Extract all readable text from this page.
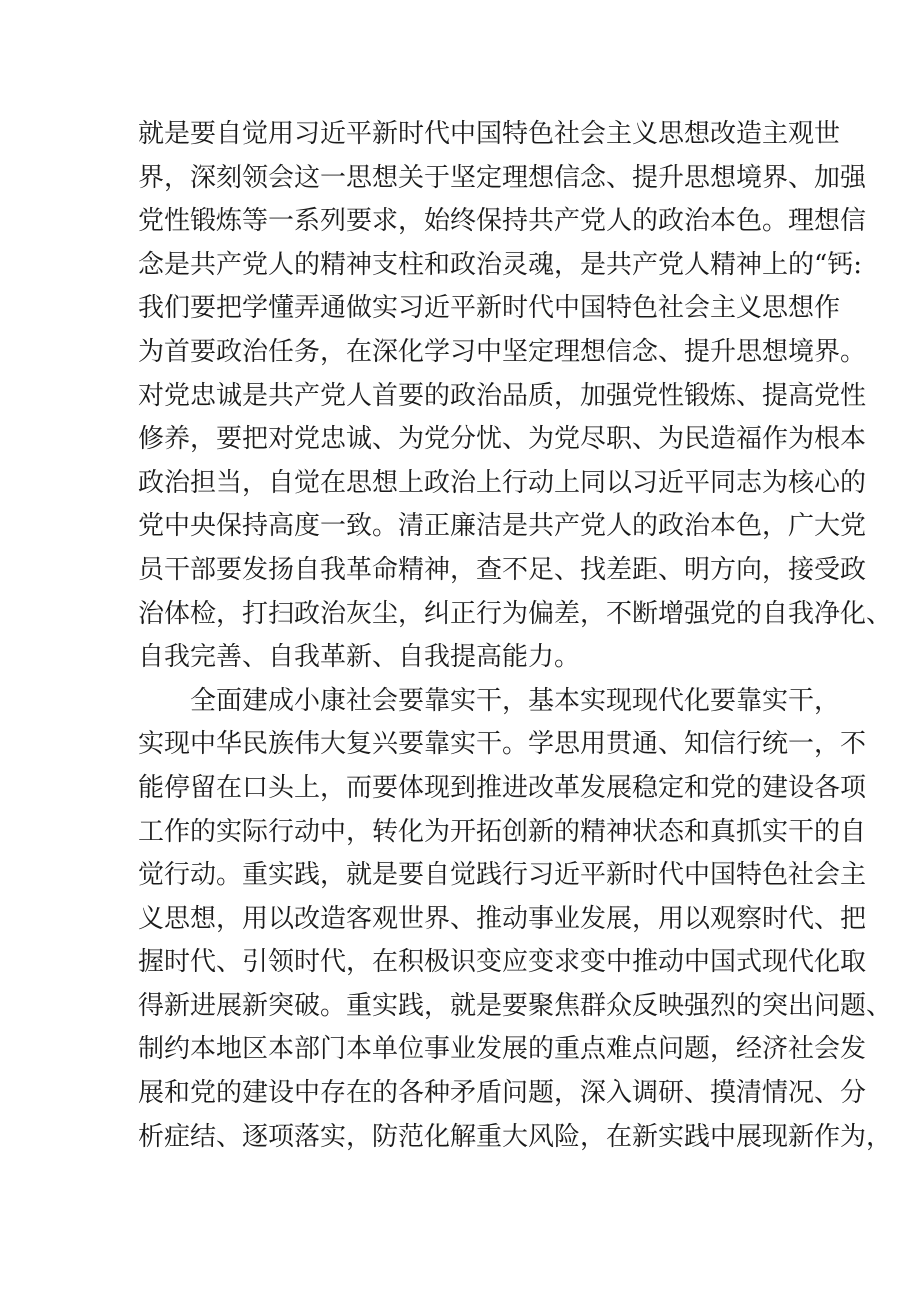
就是要自觉用习近平新时代中国特色社会主义思想改造主观世

界，深刻领会这一思想关于坚定理想信念、提升思想境界、加强

党性锻炼等一系列要求，始终保持共产党人的政治本色。理想信

念是共产党人的精神支柱和政治灵魂，是共产党人精神上的“钙:

我们要把学懂弄通做实习近平新时代中国特色社会主义思想作

为首要政治任务，在深化学习中坚定理想信念、提升思想境界。

对党忠诚是共产党人首要的政治品质，加强党性锻炼、提高党性

修养，要把对党忠诚、为党分忧、为党尽职、为民造福作为根本

政治担当，自觉在思想上政治上行动上同以习近平同志为核心的

党中央保持高度一致。清正廉洁是共产党人的政治本色，广大党

员干部要发扬自我革命精神，查不足、找差距、明方向，接受政

治体检，打扫政治灰尘，纠正行为偏差，不断增强党的自我净化、

自我完善、自我革新、自我提高能力。

全面建成小康社会要靠实干，基本实现现代化要靠实干，

实现中华民族伟大复兴要靠实干。学思用贯通、知信行统一，不

能停留在口头上，而要体现到推进改革发展稳定和党的建设各项

工作的实际行动中，转化为开拓创新的精神状态和真抓实干的自

觉行动。重实践，就是要自觉践行习近平新时代中国特色社会主

义思想，用以改造客观世界、推动事业发展，用以观察时代、把

握时代、引领时代，在积极识变应变求变中推动中国式现代化取

得新进展新突破。重实践，就是要聚焦群众反映强烈的突出问题、

制约本地区本部门本单位事业发展的重点难点问题，经济社会发

展和党的建设中存在的各种矛盾问题，深入调研、摸清情况、分

析症结、逐项落实，防范化解重大风险，在新实践中展现新作为，
